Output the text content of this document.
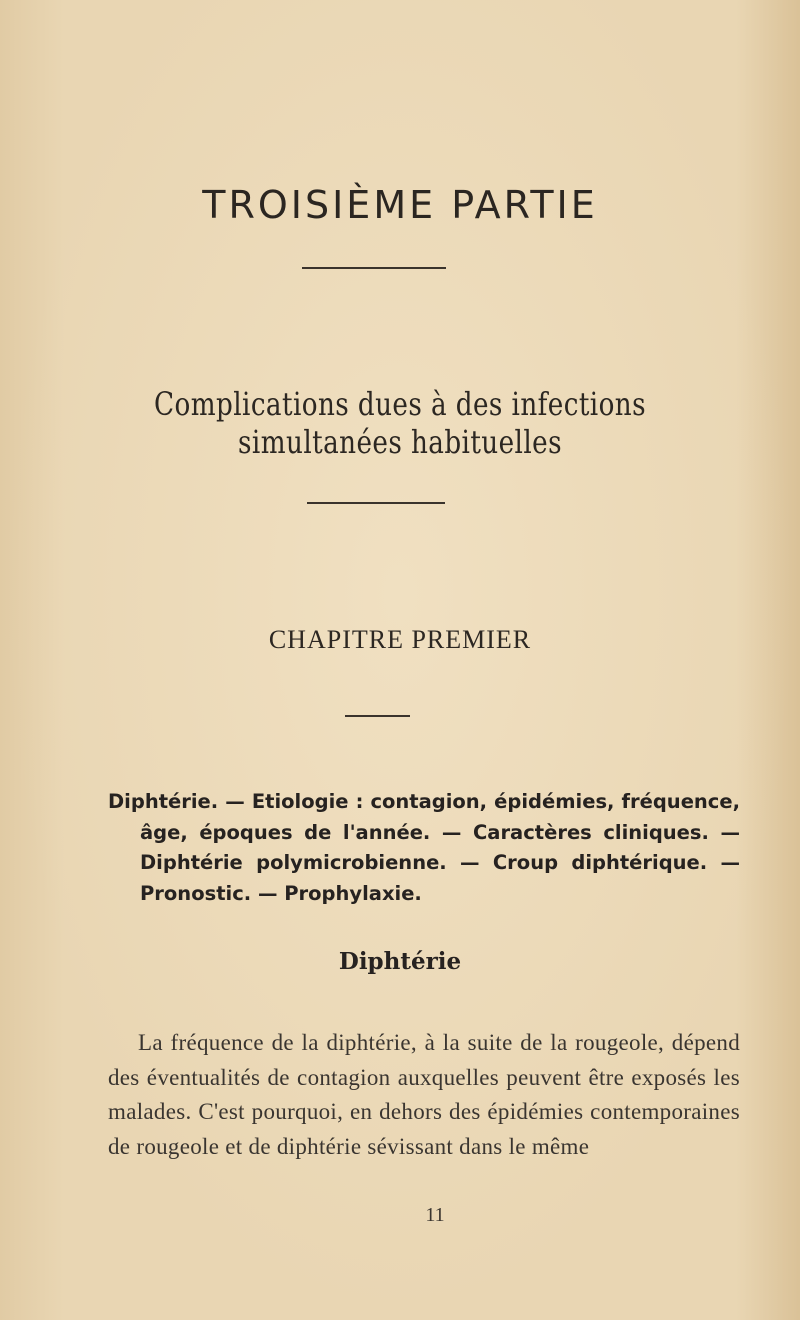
TROISIÈME PARTIE
Complications dues à des infections simultanées habituelles
CHAPITRE PREMIER

Diphtérie. — Etiologie : contagion, épidémies, fréquence, âge, époques de l'année. — Caractères cliniques. — Diphtérie polymicrobienne. — Croup diphtérique. — Pronostic. — Prophylaxie.

Diphtérie

La fréquence de la diphtérie, à la suite de la rougeole, dépend des éventualités de contagion auxquelles peuvent être exposés les malades. C'est pourquoi, en dehors des épidémies contemporaines de rougeole et de diphtérie sévissant dans le même

11
